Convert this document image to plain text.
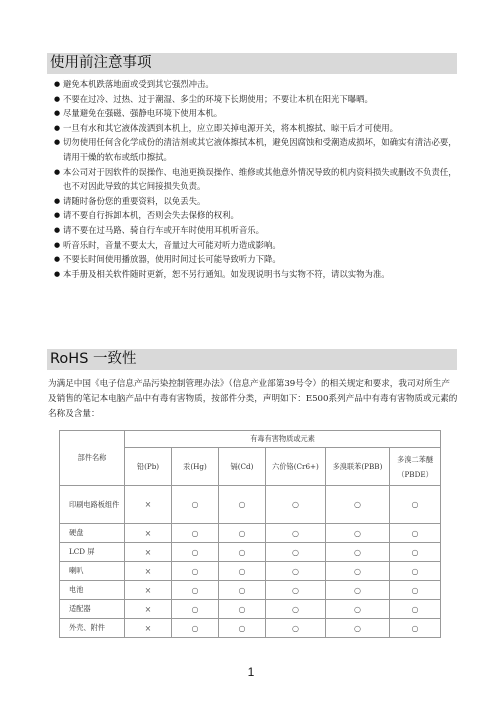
使用前注意事项
● 避免本机跌落地面或受到其它强烈冲击。
● 不要在过冷、过热、过于潮湿、多尘的环境下长期使用；不要让本机在阳光下曝晒。
● 尽量避免在强磁、强静电环境下使用本机。
● 一旦有水和其它液体泼洒到本机上，应立即关掉电源开关，将本机擦拭、晾干后才可使用。
● 切勿使用任何含化学成份的清洁剂或其它液体擦拭本机，避免因腐蚀和受潮造成损坏，如确实有清洁必要，请用干燥的软布或纸巾擦拭。
● 本公司对于因软件的误操作、电池更换误操作、维修或其他意外情况导致的机内资料损失或删改不负责任，也不对因此导致的其它间接损失负责。
● 请随时备份您的重要资料，以免丢失。
● 请不要自行拆卸本机，否则会失去保修的权利。
● 请不要在过马路、骑自行车或开车时使用耳机听音乐。
● 听音乐时，音量不要太大，音量过大可能对听力造成影响。
● 不要长时间使用播放器，使用时间过长可能导致听力下降。
● 本手册及相关软件随时更新，恕不另行通知。如发现说明书与实物不符，请以实物为准。
RoHS 一致性
为满足中国《电子信息产品污染控制管理办法》（信息产业部第39号令）的相关规定和要求，我司对所生产及销售的笔记本电脑产品中有毒有害物质，按部件分类，声明如下：E500系列产品中有毒有害物质或元素的名称及含量：
部件名称	有毒有害物质或元素					
	铅(Pb)	汞(Hg)	镉(Cd)	六价铬(Cr6+)	多溴联苯(PBB)	多溴二苯醚（PBDE）
印刷电路板组件	×	○	○	○	○	○
硬盘	×	○	○	○	○	○
LCD 屏	×	○	○	○	○	○
喇叭	×	○	○	○	○	○
电池	×	○	○	○	○	○
适配器	×	○	○	○	○	○
外壳、附件	×	○	○	○	○	○
1
